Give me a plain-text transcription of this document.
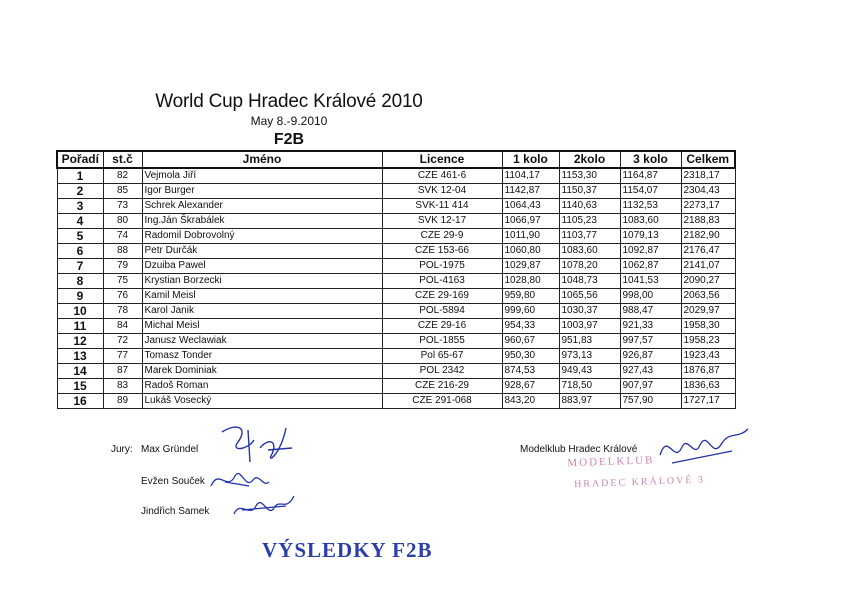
World Cup Hradec Králové 2010
May 8.-9.2010
F2B
Pořadí	st.č	Jméno	Licence	1 kolo	2kolo	3 kolo	Celkem
1	82	Vejmola Jiří	CZE 461-6	1104,17	1153,30	1164,87	2318,17
2	85	Igor Burger	SVK 12-04	1142,87	1150,37	1154,07	2304,43
3	73	Schrek Alexander	SVK-11 414	1064,43	1140,63	1132,53	2273,17
4	80	Ing.Ján Škrabálek	SVK 12-17	1066,97	1105,23	1083,60	2188,83
5	74	Radomil Dobrovolný	CZE 29-9	1011,90	1103,77	1079,13	2182,90
6	88	Petr Durčák	CZE 153-66	1060,80	1083,60	1092,87	2176,47
7	79	Dzuiba Pawel	POL-1975	1029,87	1078,20	1062,87	2141,07
8	75	Krystian Borzecki	POL-4163	1028,80	1048,73	1041,53	2090,27
9	76	Kamil Meisl	CZE 29-169	959,80	1065,56	998,00	2063,56
10	78	Karol Janik	POL-5894	999,60	1030,37	988,47	2029,97
11	84	Michal Meisl	CZE 29-16	954,33	1003,97	921,33	1958,30
12	72	Janusz Weclawiak	POL-1855	960,67	951,83	997,57	1958,23
13	77	Tomasz Tonder	Pol 65-67	950,30	973,13	926,87	1923,43
14	87	Marek Dominiak	POL 2342	874,53	949,43	927,43	1876,87
15	83	Radoš Roman	CZE 216-29	928,67	718,50	907,97	1836,63
16	89	Lukáš Vosecký	CZE 291-068	843,20	883,97	757,90	1727,17
Jury: Max Gründel
Evžen Souček
Jindřich Samek
Modelklub Hradec Králové
MODELKLUB
HRADEC KRÁLOVÉ 3
VÝSLEDKY F2B
